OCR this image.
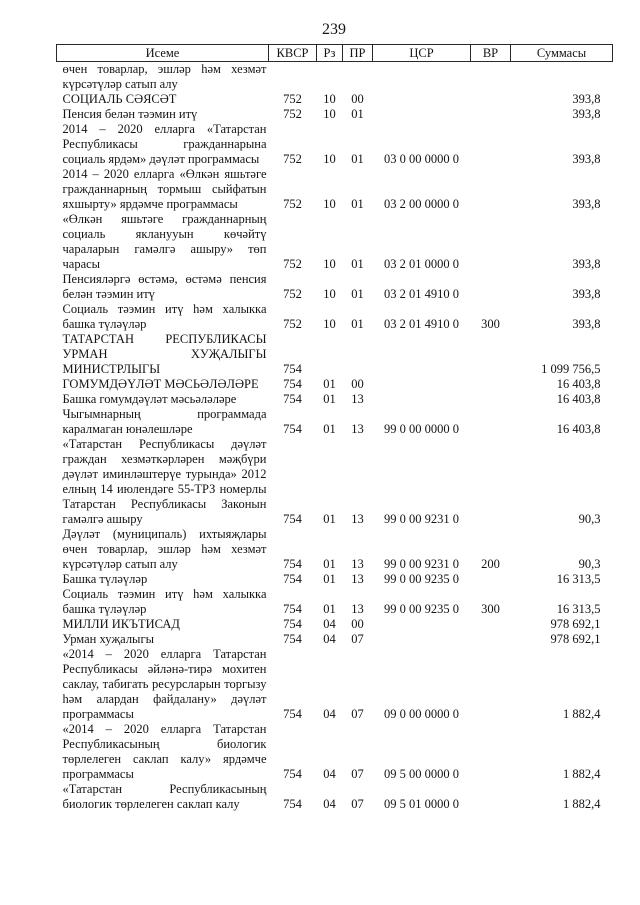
239
Исеме	КВСР	Рз	ПР	ЦСР	ВР	Суммасы
өчен товарлар, эшләр һәм хезмәт күрсәтүләр сатып алу						
СОЦИАЛЬ СӘЯСӘТ	752	10	00			393,8
Пенсия белән тәэмин итү	752	10	01			393,8
2014 – 2020 елларга «Татарстан Республикасы гражданнарына социаль ярдәм» дәүләт программасы	752	10	01	03 0 00 0000 0		393,8
2014 – 2020 елларга «Өлкән яшьтәге гражданнарның тормыш сыйфатын яхшырту» ярдәмче программасы	752	10	01	03 2 00 0000 0		393,8
«Өлкән яшьтәге гражданнарның социаль якланууын көчәйтү чараларын гамәлгә ашыру» төп чарасы	752	10	01	03 2 01 0000 0		393,8
Пенсияләргә өстәмә, өстәмә пенсия белән тәэмин итү	752	10	01	03 2 01 4910 0		393,8
Социаль тәэмин итү һәм халыкка башка түләүләр	752	10	01	03 2 01 4910 0	300	393,8
ТАТАРСТАН РЕСПУБЛИКАСЫ УРМАН ХУҖАЛЫГЫ МИНИСТРЛЫГЫ	754					1 099 756,5
ГОМУМДӘҮЛӘТ МӘСЬӘЛӘЛӘРЕ	754	01	00			16 403,8
Башка гомумдәүләт мәсьәләләре	754	01	13			16 403,8
Чыгымнарның программада каралмаган юнәлешләре	754	01	13	99 0 00 0000 0		16 403,8
«Татарстан Республикасы дәүләт граждан хезмәткәрләрен мәҗбүри дәүләт иминләштерүе турында» 2012 елның 14 июлендәге 55-ТРЗ номерлы Татарстан Республикасы Законын гамәлгә ашыру	754	01	13	99 0 00 9231 0		90,3
Дәүләт (муниципаль) ихтыяҗлары өчен товарлар, эшләр һәм хезмәт күрсәтүләр сатып алу	754	01	13	99 0 00 9231 0	200	90,3
Башка түләүләр	754	01	13	99 0 00 9235 0		16 313,5
Социаль тәэмин итү һәм халыкка башка түләүләр	754	01	13	99 0 00 9235 0	300	16 313,5
МИЛЛИ ИКЪТИСАД	754	04	00			978 692,1
Урман хуҗалыгы	754	04	07			978 692,1
«2014 – 2020 елларга Татарстан Республикасы әйләнә-тирә мохитен саклау, табигать ресурсларын торгызу һәм алардан файдалану» дәүләт программасы	754	04	07	09 0 00 0000 0		1 882,4
«2014 – 2020 елларга Татарстан Республикасының биологик төрлелеген саклап калу» ярдәмче программасы	754	04	07	09 5 00 0000 0		1 882,4
«Татарстан Республикасының биологик төрлелеген саклап калу	754	04	07	09 5 01 0000 0		1 882,4
